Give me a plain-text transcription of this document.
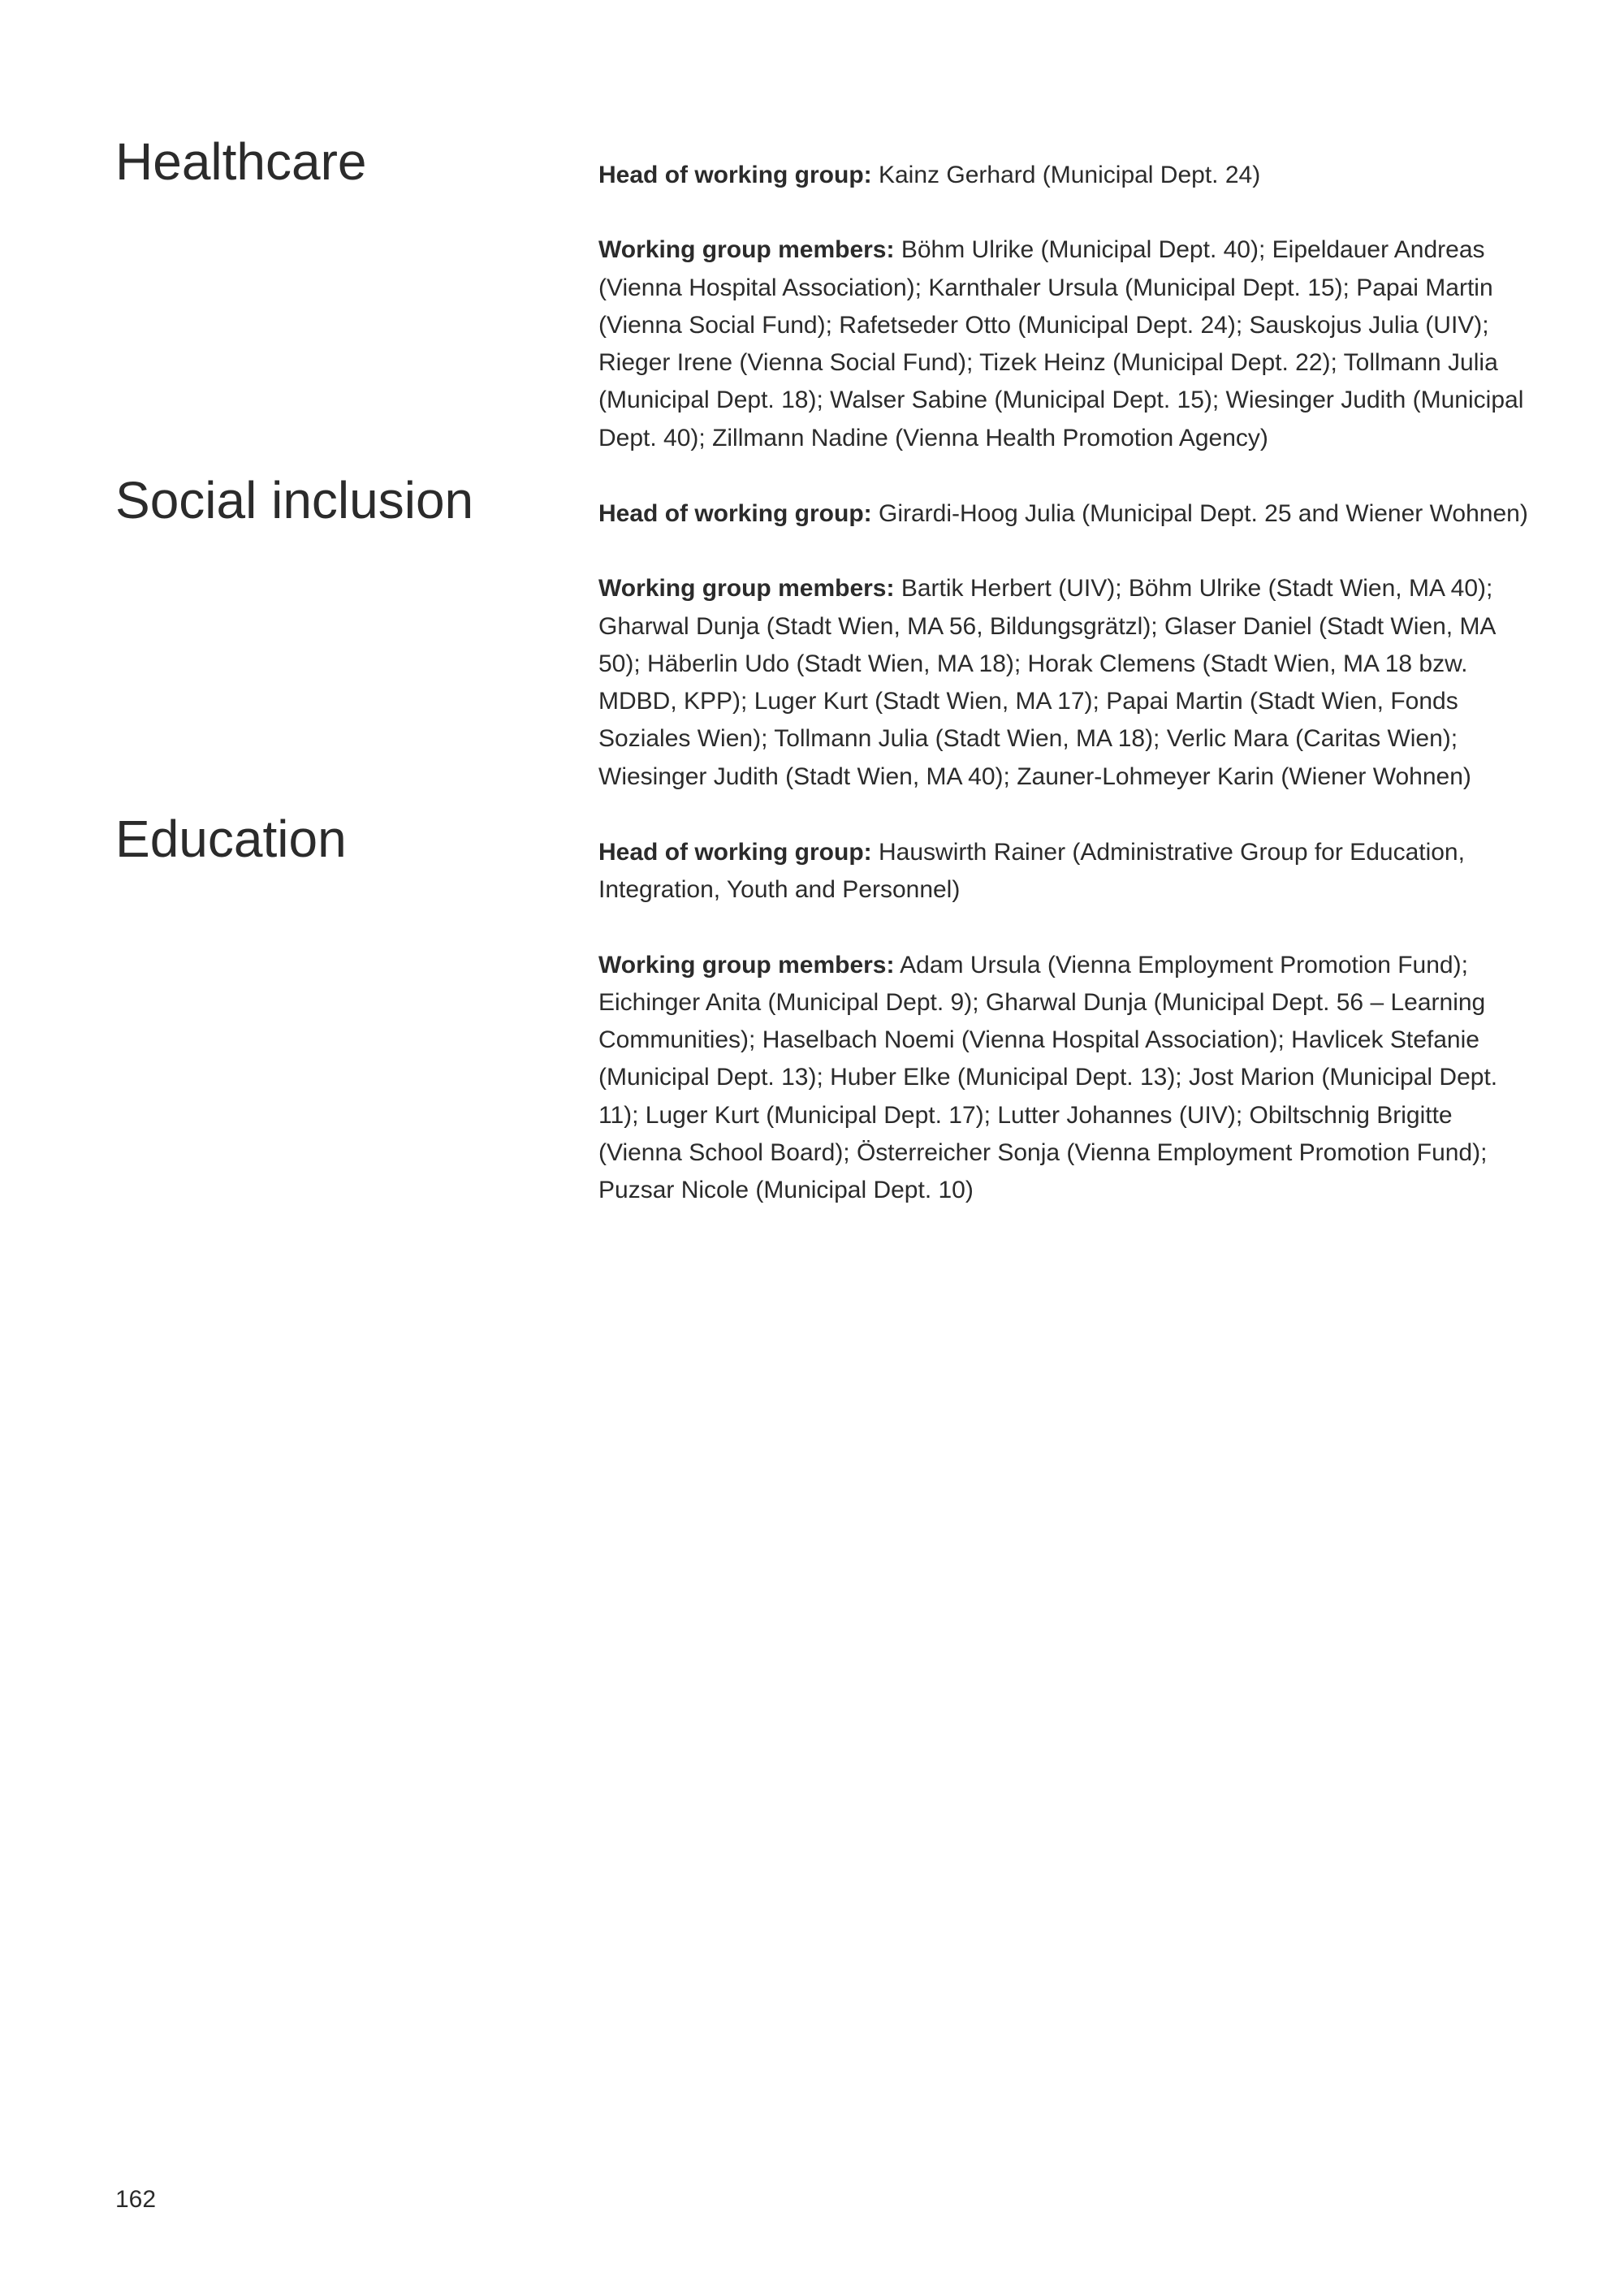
Healthcare	Head of working group: Kainz Gerhard (Municipal Dept. 24)

Working group members: Böhm Ulrike (Municipal Dept. 40); Eipeldauer Andreas (Vienna Hospital Association); Karnthaler Ursula (Municipal Dept. 15); Papai Martin (Vienna Social Fund); Rafetseder Otto (Municipal Dept. 24); Sauskojus Julia (UIV); Rieger Irene (Vienna Social Fund); Tizek Heinz (Municipal Dept. 22); Tollmann Julia (Municipal Dept. 18); Walser Sabine (Municipal Dept. 15); Wiesinger Judith (Municipal Dept. 40); Zillmann Nadine (Vienna Health Promotion Agency)

Social inclusion	Head of working group: Girardi-Hoog Julia (Municipal Dept. 25 and Wiener Wohnen)

Working group members: Bartik Herbert (UIV); Böhm Ulrike (Stadt Wien, MA 40); Gharwal Dunja (Stadt Wien, MA 56, Bildungsgrätzl); Glaser Daniel (Stadt Wien, MA 50); Häberlin Udo (Stadt Wien, MA 18); Horak Clemens (Stadt Wien, MA 18 bzw. MDBD, KPP); Luger Kurt (Stadt Wien, MA 17); Papai Martin (Stadt Wien, Fonds Soziales Wien); Tollmann Julia (Stadt Wien, MA 18); Verlic Mara (Caritas Wien); Wiesinger Judith (Stadt Wien, MA 40); Zauner-Lohmeyer Karin (Wiener Wohnen)

Education	Head of working group: Hauswirth Rainer (Administrative Group for Education, Integration, Youth and Personnel)

Working group members: Adam Ursula (Vienna Employment Promotion Fund); Eichinger Anita (Municipal Dept. 9); Gharwal Dunja (Municipal Dept. 56 – Learning Communities); Haselbach Noemi (Vienna Hospital Association); Havlicek Stefanie (Municipal Dept. 13); Huber Elke (Municipal Dept. 13); Jost Marion (Municipal Dept. 11); Luger Kurt (Municipal Dept. 17); Lutter Johannes (UIV); Obiltschnig Brigitte (Vienna School Board); Österreicher Sonja (Vienna Employment Promotion Fund); Puzsar Nicole (Municipal Dept. 10)

162
